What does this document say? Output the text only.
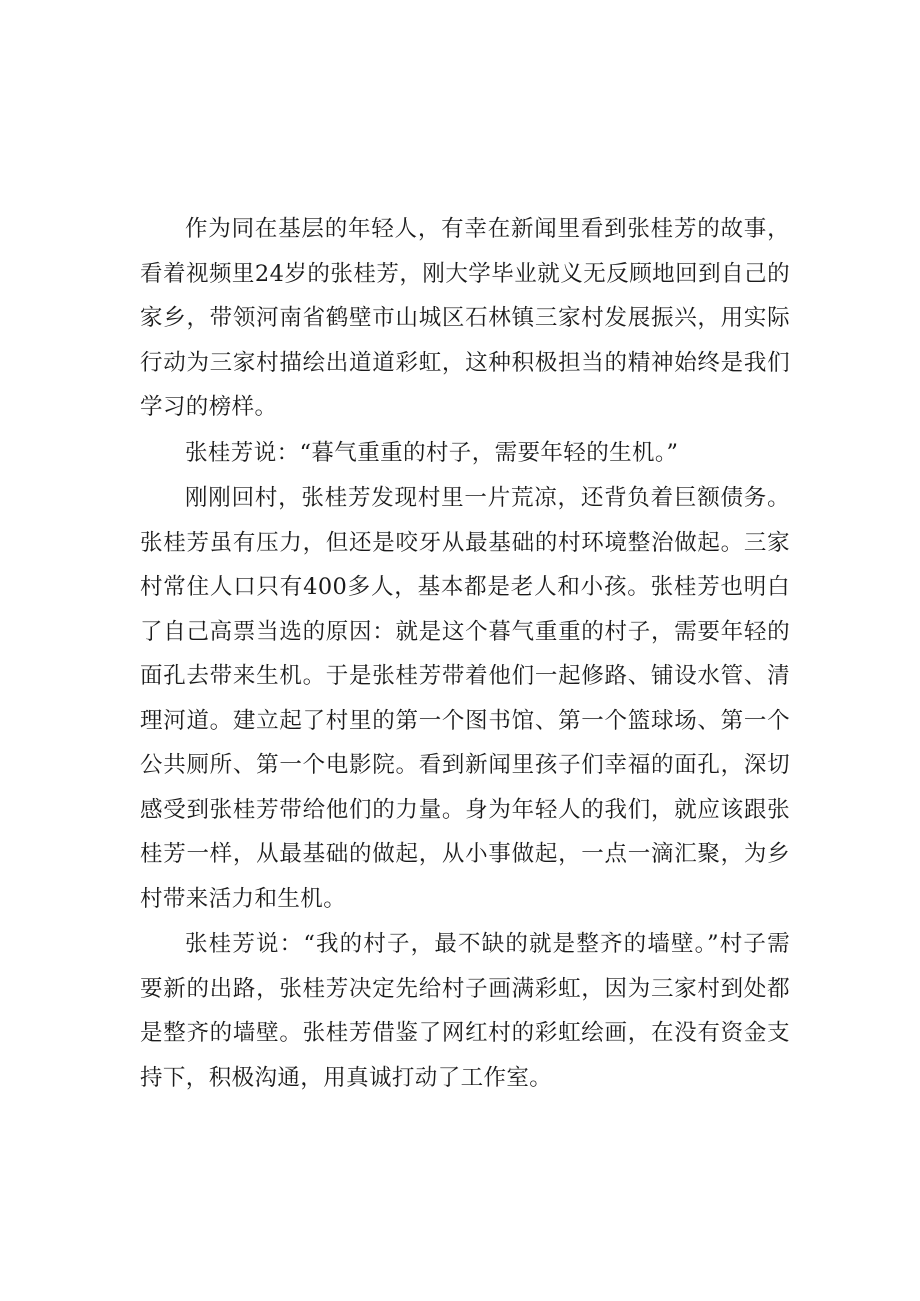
作为同在基层的年轻人，有幸在新闻里看到张桂芳的故事，看着视频里24岁的张桂芳，刚大学毕业就义无反顾地回到自己的家乡，带领河南省鹤壁市山城区石林镇三家村发展振兴，用实际行动为三家村描绘出道道彩虹，这种积极担当的精神始终是我们学习的榜样。

张桂芳说：“暮气重重的村子，需要年轻的生机。”

刚刚回村，张桂芳发现村里一片荒凉，还背负着巨额债务。张桂芳虽有压力，但还是咬牙从最基础的村环境整治做起。三家村常住人口只有400多人，基本都是老人和小孩。张桂芳也明白了自己高票当选的原因：就是这个暮气重重的村子，需要年轻的面孔去带来生机。于是张桂芳带着他们一起修路、铺设水管、清理河道。建立起了村里的第一个图书馆、第一个篮球场、第一个公共厕所、第一个电影院。看到新闻里孩子们幸福的面孔，深切感受到张桂芳带给他们的力量。身为年轻人的我们，就应该跟张桂芳一样，从最基础的做起，从小事做起，一点一滴汇聚，为乡村带来活力和生机。

张桂芳说：“我的村子，最不缺的就是整齐的墙壁。”村子需要新的出路，张桂芳决定先给村子画满彩虹，因为三家村到处都是整齐的墙壁。张桂芳借鉴了网红村的彩虹绘画，在没有资金支持下，积极沟通，用真诚打动了工作室。
